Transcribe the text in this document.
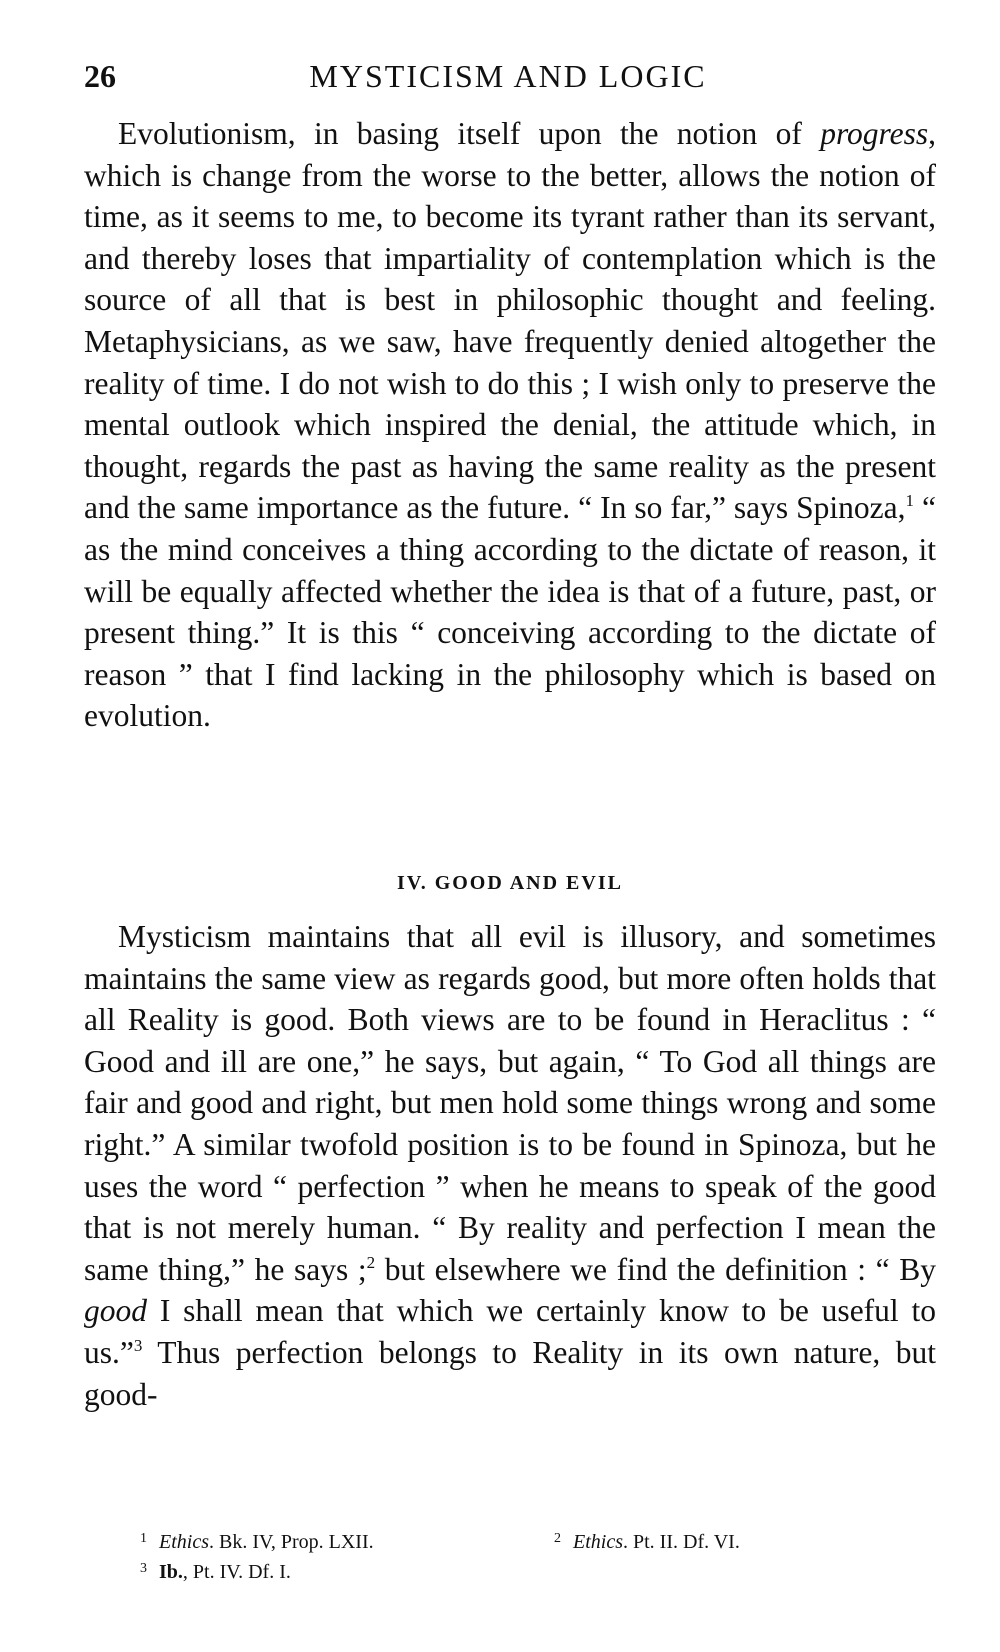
26	MYSTICISM AND LOGIC

Evolutionism, in basing itself upon the notion of progress, which is change from the worse to the better, allows the notion of time, as it seems to me, to become its tyrant rather than its servant, and thereby loses that impartiality of contemplation which is the source of all that is best in philosophic thought and feeling. Metaphysicians, as we saw, have frequently denied altogether the reality of time. I do not wish to do this ; I wish only to preserve the mental outlook which inspired the denial, the attitude which, in thought, regards the past as having the same reality as the present and the same importance as the future. “ In so far,” says Spinoza,$^1$ “ as the mind conceives a thing according to the dictate of reason, it will be equally affected whether the idea is that of a future, past, or present thing.” It is this “ conceiving according to the dictate of reason ” that I find lacking in the philosophy which is based on evolution.

IV. GOOD AND EVIL

Mysticism maintains that all evil is illusory, and sometimes maintains the same view as regards good, but more often holds that all Reality is good. Both views are to be found in Heraclitus : “ Good and ill are one,” he says, but again, “ To God all things are fair and good and right, but men hold some things wrong and some right.” A similar twofold position is to be found in Spinoza, but he uses the word “ perfection ” when he means to speak of the good that is not merely human. “ By reality and perfection I mean the same thing,” he says ;$^2$ but elsewhere we find the definition : “ By good I shall mean that which we certainly know to be useful to us.”$^3$ Thus perfection belongs to Reality in its own nature, but good-

$^1$ Ethics. Bk. IV, Prop. LXII.	$^2$ Ethics. Pt. II. Df. VI.
$^3$ Ib., Pt. IV. Df. I.
